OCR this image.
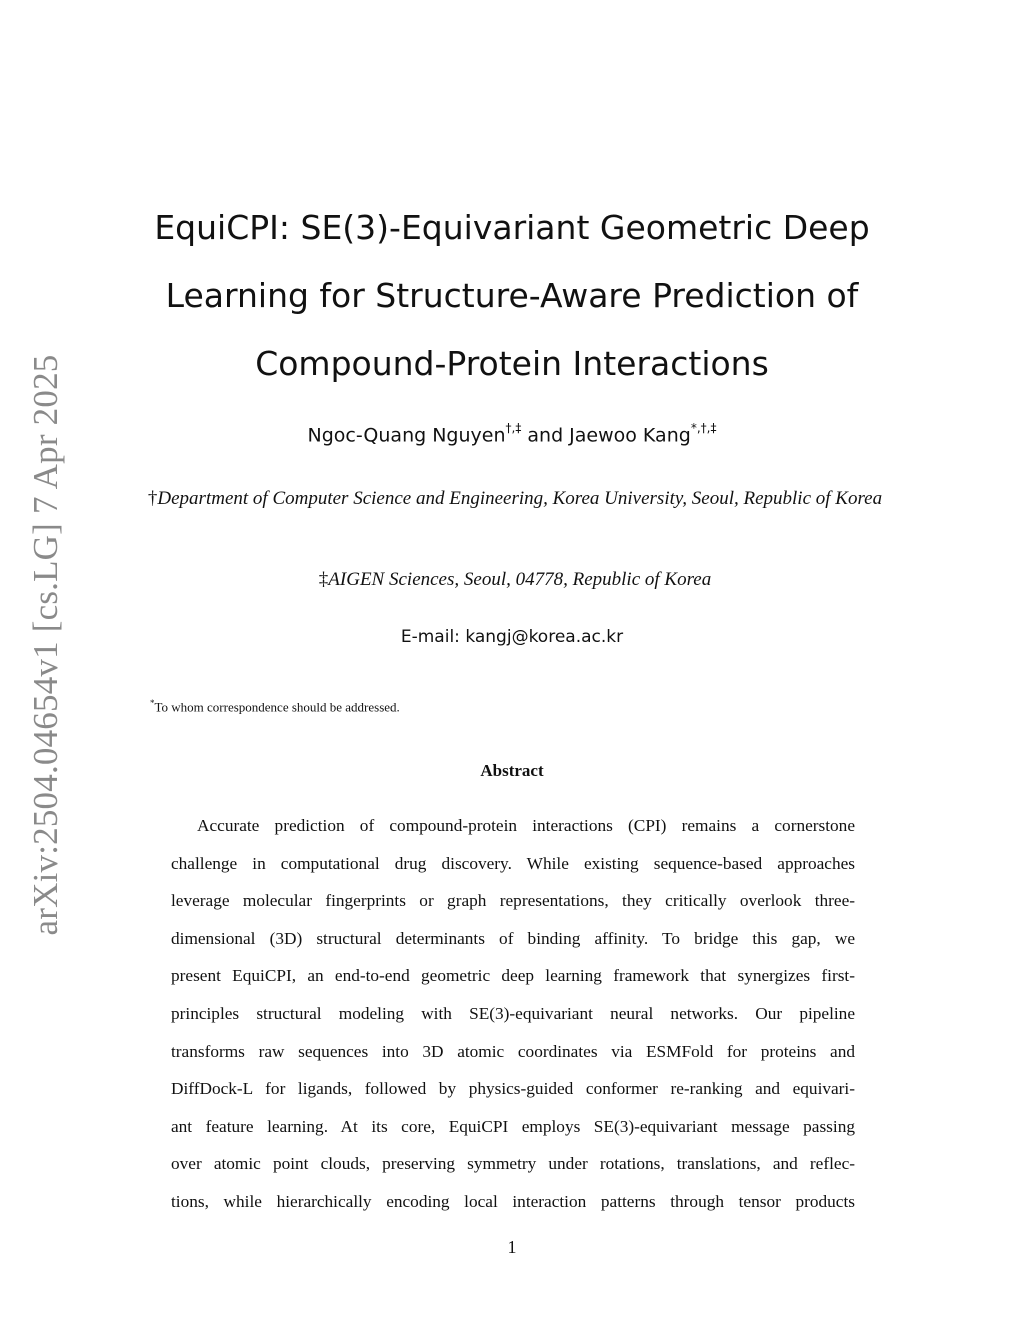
arXiv:2504.04654v1 [cs.LG] 7 Apr 2025
EquiCPI: SE(3)-Equivariant Geometric Deep
Learning for Structure-Aware Prediction of
Compound-Protein Interactions
Ngoc-Quang Nguyen†,‡ and Jaewoo Kang*,†,‡
†Department of Computer Science and Engineering, Korea University, Seoul, Republic of Korea
‡AIGEN Sciences, Seoul, 04778, Republic of Korea
E-mail: kangj@korea.ac.kr
*To whom correspondence should be addressed.
Abstract
Accurate prediction of compound-protein interactions (CPI) remains a cornerstone
challenge in computational drug discovery. While existing sequence-based approaches
leverage molecular fingerprints or graph representations, they critically overlook three-
dimensional (3D) structural determinants of binding affinity. To bridge this gap, we
present EquiCPI, an end-to-end geometric deep learning framework that synergizes first-
principles structural modeling with SE(3)-equivariant neural networks. Our pipeline
transforms raw sequences into 3D atomic coordinates via ESMFold for proteins and
DiffDock-L for ligands, followed by physics-guided conformer re-ranking and equivari-
ant feature learning. At its core, EquiCPI employs SE(3)-equivariant message passing
over atomic point clouds, preserving symmetry under rotations, translations, and reflec-
tions, while hierarchically encoding local interaction patterns through tensor products
1
